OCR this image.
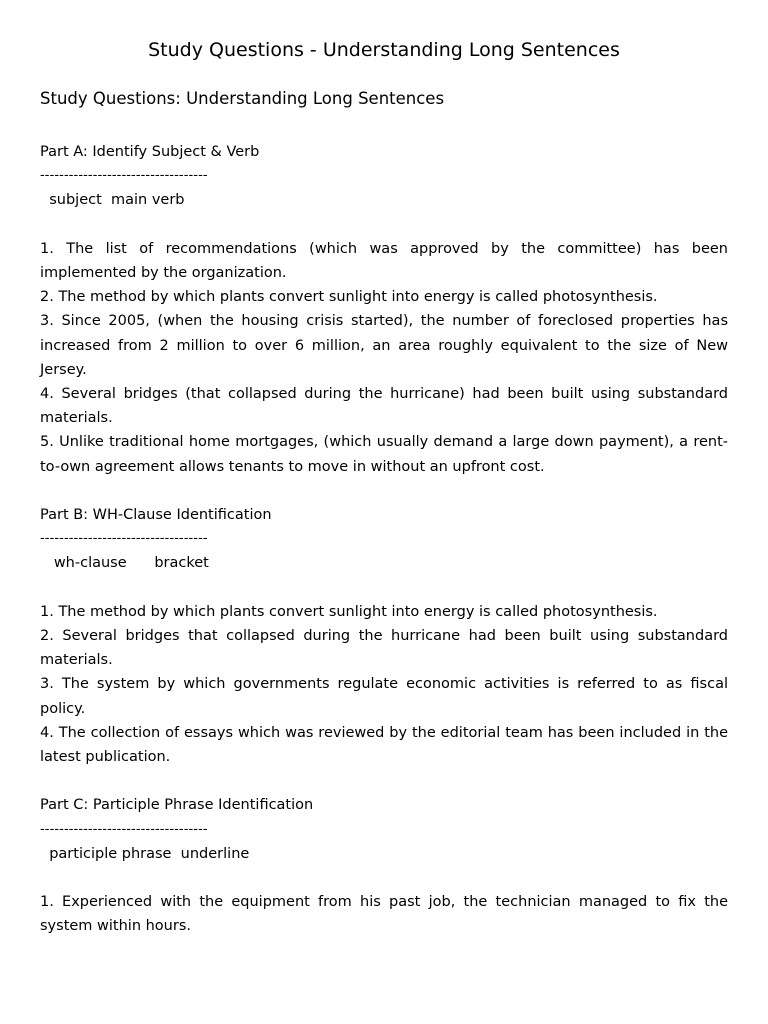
Study Questions - Understanding Long Sentences
Study Questions: Understanding Long Sentences
Part A: Identify Subject & Verb
-----------------------------------
subject  main verb
1. The list of recommendations (which was approved by the committee) has been implemented by the organization.
2. The method by which plants convert sunlight into energy is called photosynthesis.
3. Since 2005, (when the housing crisis started), the number of foreclosed properties has increased from 2 million to over 6 million, an area roughly equivalent to the size of New Jersey.
4. Several bridges (that collapsed during the hurricane) had been built using substandard materials.
5. Unlike traditional home mortgages, (which usually demand a large down payment), a rent-to-own agreement allows tenants to move in without an upfront cost.
Part B: WH-Clause Identification
-----------------------------------
wh-clause      bracket
1. The method by which plants convert sunlight into energy is called photosynthesis.
2. Several bridges that collapsed during the hurricane had been built using substandard materials.
3. The system by which governments regulate economic activities is referred to as fiscal policy.
4. The collection of essays which was reviewed by the editorial team has been included in the latest publication.
Part C: Participle Phrase Identification
-----------------------------------
participle phrase  underline
1. Experienced with the equipment from his past job, the technician managed to fix the system within hours.
